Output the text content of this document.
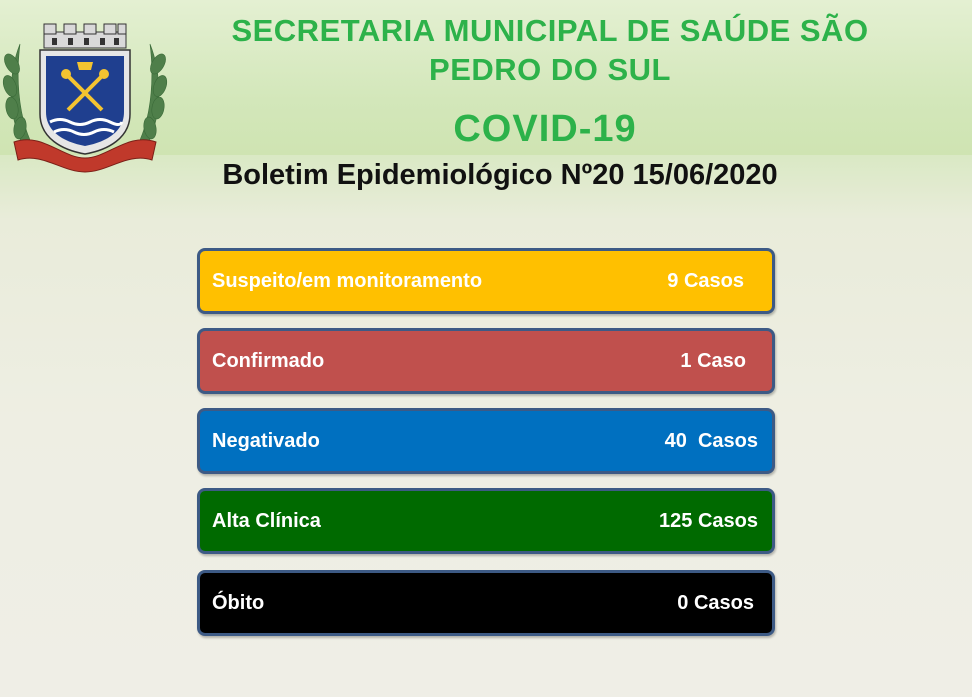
SECRETARIA MUNICIPAL DE SAÚDE SÃO
PEDRO DO SUL
COVID-19
Boletim Epidemiológico Nº20 15/06/2020
Suspeito/em monitoramento	9 Casos
Confirmado	1 Caso
Negativado	40  Casos
Alta Clínica	125 Casos
Óbito	0 Casos
